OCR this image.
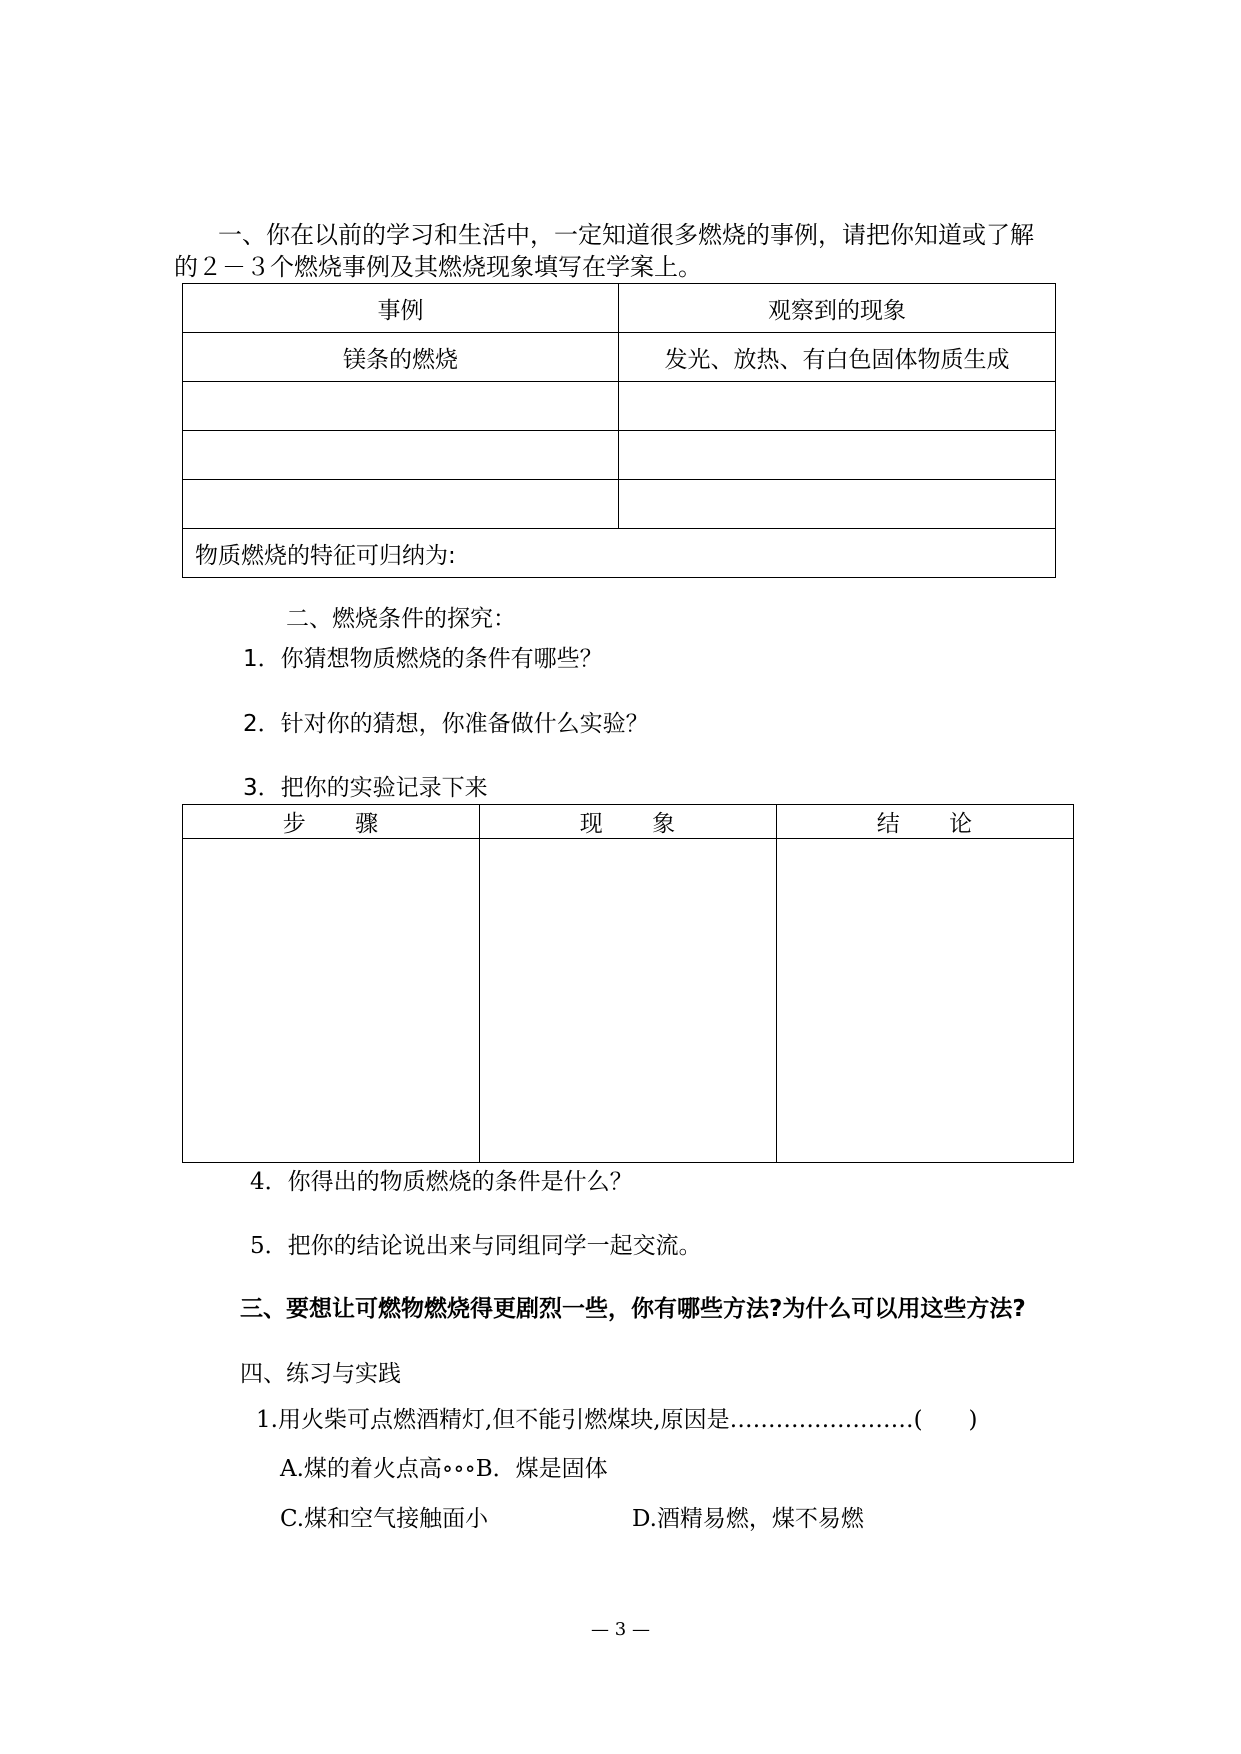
一、你在以前的学习和生活中，一定知道很多燃烧的事例，请把你知道或了解
的２－３个燃烧事例及其燃烧现象填写在学案上。
事例	观察到的现象
镁条的燃烧	发光、放热、有白色固体物质生成

物质燃烧的特征可归纳为:	
二、燃烧条件的探究：
1．你猜想物质燃烧的条件有哪些？
2．针对你的猜想，你准备做什么实验？
3．把你的实验记录下来
步　　骤	现　　象	结　　论

4．你得出的物质燃烧的条件是什么？
5．把你的结论说出来与同组同学一起交流。
三、要想让可燃物燃烧得更剧烈一些，你有哪些方法?为什么可以用这些方法?
四、练习与实践
1.用火柴可点燃酒精灯,但不能引燃煤块,原因是……………………(　　)
A.煤的着火点高∘∘∘B．煤是固体
C.煤和空气接触面小	D.酒精易燃，煤不易燃
— 3 —
